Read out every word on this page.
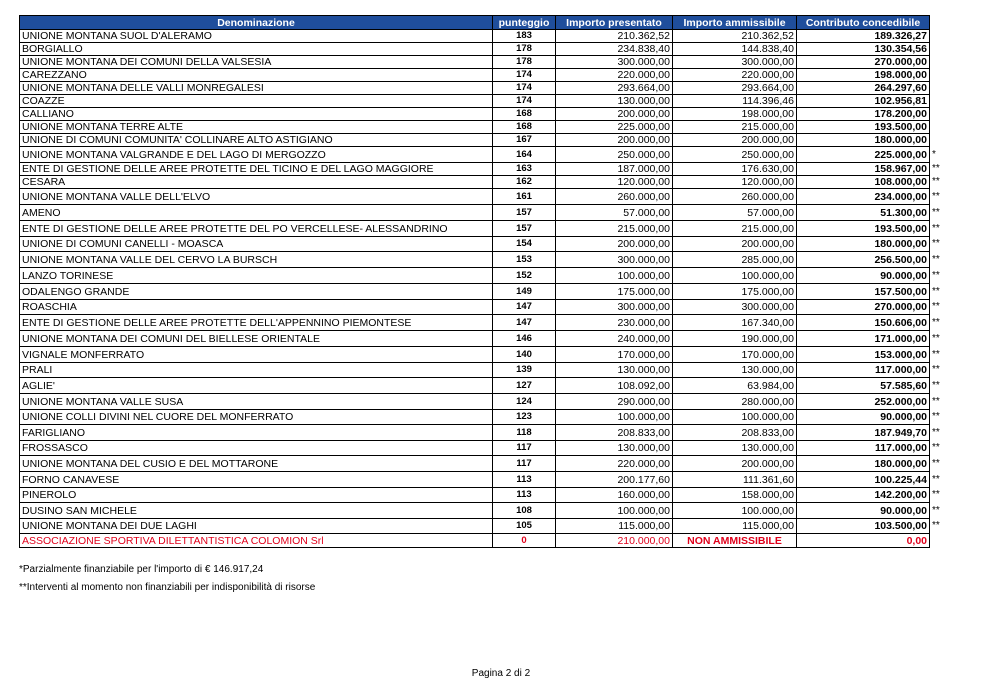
Denominazione	punteggio	Importo presentato	Importo ammissibile	Contributo concedibile	
UNIONE MONTANA SUOL D'ALERAMO	183	210.362,52	210.362,52	189.326,27	
BORGIALLO	178	234.838,40	144.838,40	130.354,56	
UNIONE MONTANA DEI COMUNI DELLA VALSESIA	178	300.000,00	300.000,00	270.000,00	
CAREZZANO	174	220.000,00	220.000,00	198.000,00	
UNIONE MONTANA DELLE VALLI MONREGALESI	174	293.664,00	293.664,00	264.297,60	
COAZZE	174	130.000,00	114.396,46	102.956,81	
CALLIANO	168	200.000,00	198.000,00	178.200,00	
UNIONE MONTANA TERRE ALTE	168	225.000,00	215.000,00	193.500,00	
UNIONE DI COMUNI COMUNITA' COLLINARE ALTO ASTIGIANO	167	200.000,00	200.000,00	180.000,00	
UNIONE MONTANA VALGRANDE E DEL LAGO DI MERGOZZO	164	250.000,00	250.000,00	225.000,00	*
ENTE DI GESTIONE DELLE AREE PROTETTE DEL TICINO E DEL LAGO MAGGIORE	163	187.000,00	176.630,00	158.967,00	**
CESARA	162	120.000,00	120.000,00	108.000,00	**
UNIONE MONTANA VALLE DELL'ELVO	161	260.000,00	260.000,00	234.000,00	**
AMENO	157	57.000,00	57.000,00	51.300,00	**
ENTE DI GESTIONE DELLE AREE PROTETTE DEL PO VERCELLESE- ALESSANDRINO	157	215.000,00	215.000,00	193.500,00	**
UNIONE DI COMUNI CANELLI - MOASCA	154	200.000,00	200.000,00	180.000,00	**
UNIONE MONTANA VALLE DEL CERVO LA BURSCH	153	300.000,00	285.000,00	256.500,00	**
LANZO TORINESE	152	100.000,00	100.000,00	90.000,00	**
ODALENGO GRANDE	149	175.000,00	175.000,00	157.500,00	**
ROASCHIA	147	300.000,00	300.000,00	270.000,00	**
ENTE DI GESTIONE DELLE AREE PROTETTE DELL'APPENNINO PIEMONTESE	147	230.000,00	167.340,00	150.606,00	**
UNIONE MONTANA DEI COMUNI DEL BIELLESE ORIENTALE	146	240.000,00	190.000,00	171.000,00	**
VIGNALE MONFERRATO	140	170.000,00	170.000,00	153.000,00	**
PRALI	139	130.000,00	130.000,00	117.000,00	**
AGLIE'	127	108.092,00	63.984,00	57.585,60	**
UNIONE MONTANA VALLE SUSA	124	290.000,00	280.000,00	252.000,00	**
UNIONE COLLI DIVINI NEL CUORE DEL MONFERRATO	123	100.000,00	100.000,00	90.000,00	**
FARIGLIANO	118	208.833,00	208.833,00	187.949,70	**
FROSSASCO	117	130.000,00	130.000,00	117.000,00	**
UNIONE MONTANA DEL CUSIO E DEL MOTTARONE	117	220.000,00	200.000,00	180.000,00	**
FORNO CANAVESE	113	200.177,60	111.361,60	100.225,44	**
PINEROLO	113	160.000,00	158.000,00	142.200,00	**
DUSINO SAN MICHELE	108	100.000,00	100.000,00	90.000,00	**
UNIONE MONTANA DEI DUE LAGHI	105	115.000,00	115.000,00	103.500,00	**
ASSOCIAZIONE SPORTIVA DILETTANTISTICA COLOMION Srl	0	210.000,00	NON AMMISSIBILE	0,00	
*Parzialmente finanziabile per l'importo di € 146.917,24
**Interventi al momento non finanziabili per indisponibilità di risorse
Pagina 2 di 2
